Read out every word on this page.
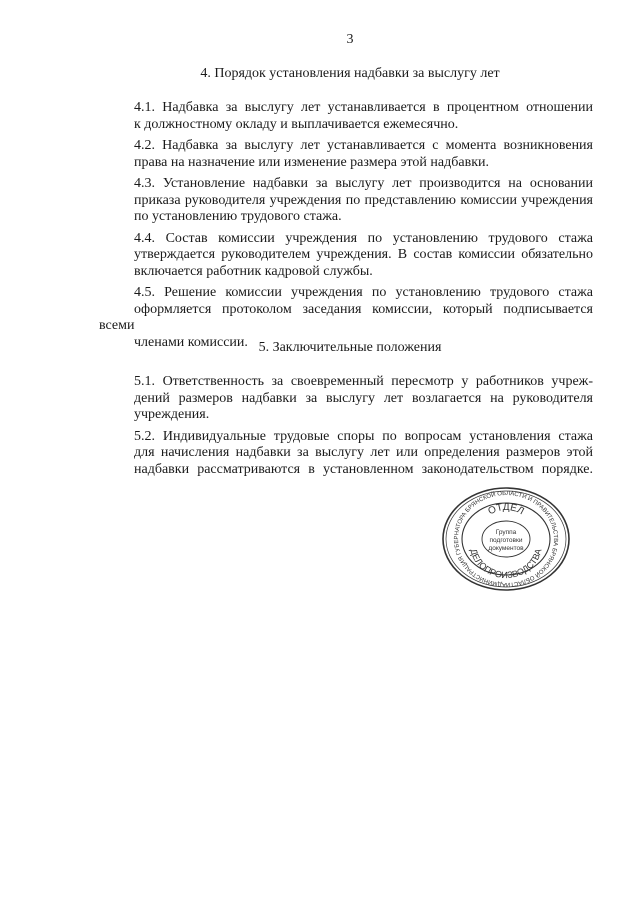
3
4. Порядок установления надбавки за выслугу лет

4.1. Надбавка за выслугу лет устанавливается в процентном отношении
к должностному окладу и выплачивается ежемесячно.

4.2. Надбавка за выслугу лет устанавливается с момента возникновения
права на назначение или изменение размера этой надбавки.

4.3. Установление надбавки за выслугу лет производится на основании
приказа руководителя учреждения по представлению комиссии учреждения
по установлению трудового стажа.

4.4. Состав комиссии учреждения по установлению трудового стажа
утверждается руководителем учреждения. В состав комиссии обязательно
включается работник кадровой службы.

4.5. Решение комиссии учреждения по установлению трудового стажа
оформляется протоколом заседания комиссии, который подписывается всеми
членами комиссии. 5. Заключительные положения

5.1. Ответственность за своевременный пересмотр у работников учреж-
дений размеров надбавки за выслугу лет возлагается на руководителя
учреждения.

5.2. Индивидуальные трудовые споры по вопросам установления стажа
для начисления надбавки за выслугу лет или определения размеров этой
надбавки рассматриваются в установленном законодательством порядке.

АДМИНИСТРАЦИЯ ГУБЕРНАТОРА БРЯНСКОЙ ОБЛАСТИ И ПРАВИТЕЛЬСТВА БРЯНСКОЙ ОБЛАСТИ
ОТДЕЛ
ДЕЛОПРОИЗВОДСТВА
Группа
подготовки
документов
